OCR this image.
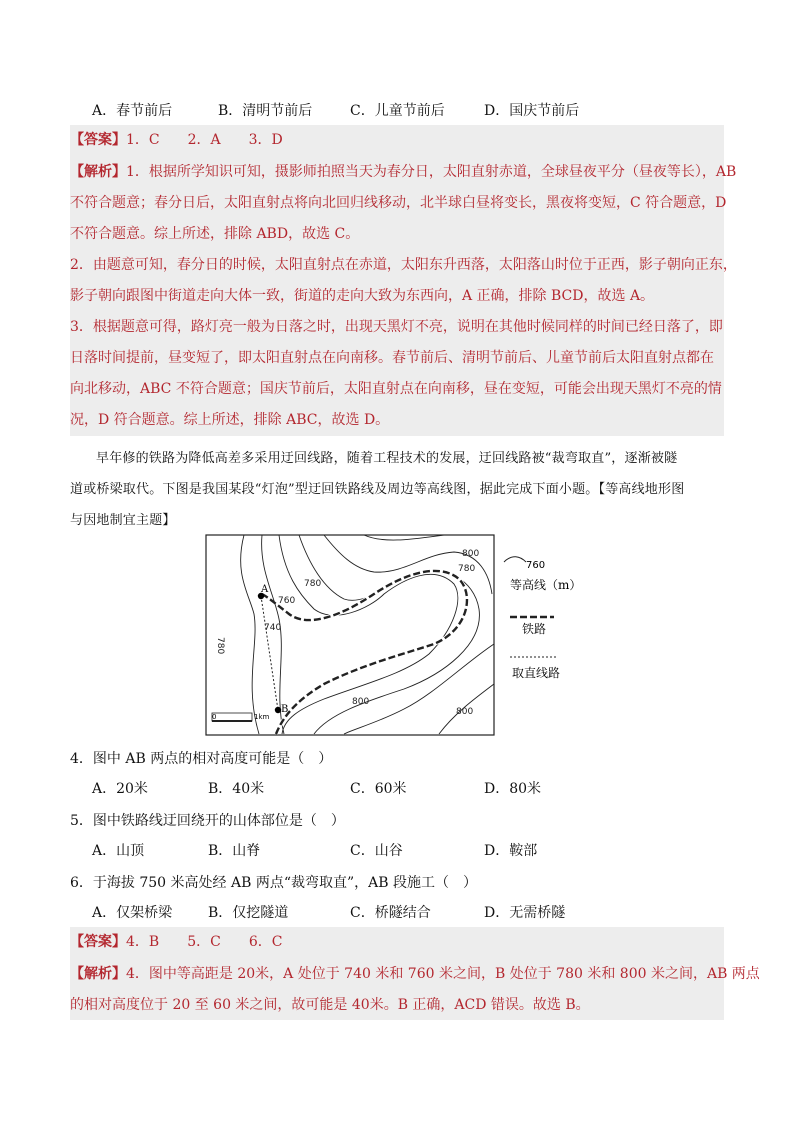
A．春节前后	B．清明节前后	C．儿童节前后	D．国庆节前后
【答案】1．C　　2．A　　3．D
【解析】1．根据所学知识可知，摄影师拍照当天为春分日，太阳直射赤道，全球昼夜平分（昼夜等长），AB
不符合题意；春分日后，太阳直射点将向北回归线移动，北半球白昼将变长，黑夜将变短，C 符合题意，D
不符合题意。综上所述，排除 ABD，故选 C。
2．由题意可知，春分日的时候，太阳直射点在赤道，太阳东升西落，太阳落山时位于正西，影子朝向正东，
影子朝向跟图中街道走向大体一致，街道的走向大致为东西向，A 正确，排除 BCD，故选 A。
3．根据题意可得，路灯亮一般为日落之时，出现天黑灯不亮，说明在其他时候同样的时间已经日落了，即
日落时间提前，昼变短了，即太阳直射点在向南移。春节前后、清明节前后、儿童节前后太阳直射点都在
向北移动，ABC 不符合题意；国庆节前后，太阳直射点在向南移，昼在变短，可能会出现天黑灯不亮的情
况，D 符合题意。综上所述，排除 ABC，故选 D。
早年修的铁路为降低高差多采用迂回线路，随着工程技术的发展，迂回线路被“裁弯取直”，逐渐被隧
道或桥梁取代。下图是我国某段“灯泡”型迂回铁路线及周边等高线图，据此完成下面小题。【等高线地形图
与因地制宜主题】
A
B
800
780
760
740
780
780
800
800
0	1km
760
等高线（m）
铁路
取直线路
4．图中 AB 两点的相对高度可能是（　）
A．20米	B．40米	C．60米	D．80米
5．图中铁路线迂回绕开的山体部位是（　）
A．山顶	B．山脊	C．山谷	D．鞍部
6．于海拔 750 米高处经 AB 两点“裁弯取直”，AB 段施工（　）
A．仅架桥梁	B．仅挖隧道	C．桥隧结合	D．无需桥隧
【答案】4．B　　5．C　　6．C
【解析】4．图中等高距是 20米，A 处位于 740 米和 760 米之间，B 处位于 780 米和 800 米之间，AB 两点
的相对高度位于 20 至 60 米之间，故可能是 40米。B 正确，ACD 错误。故选 B。
